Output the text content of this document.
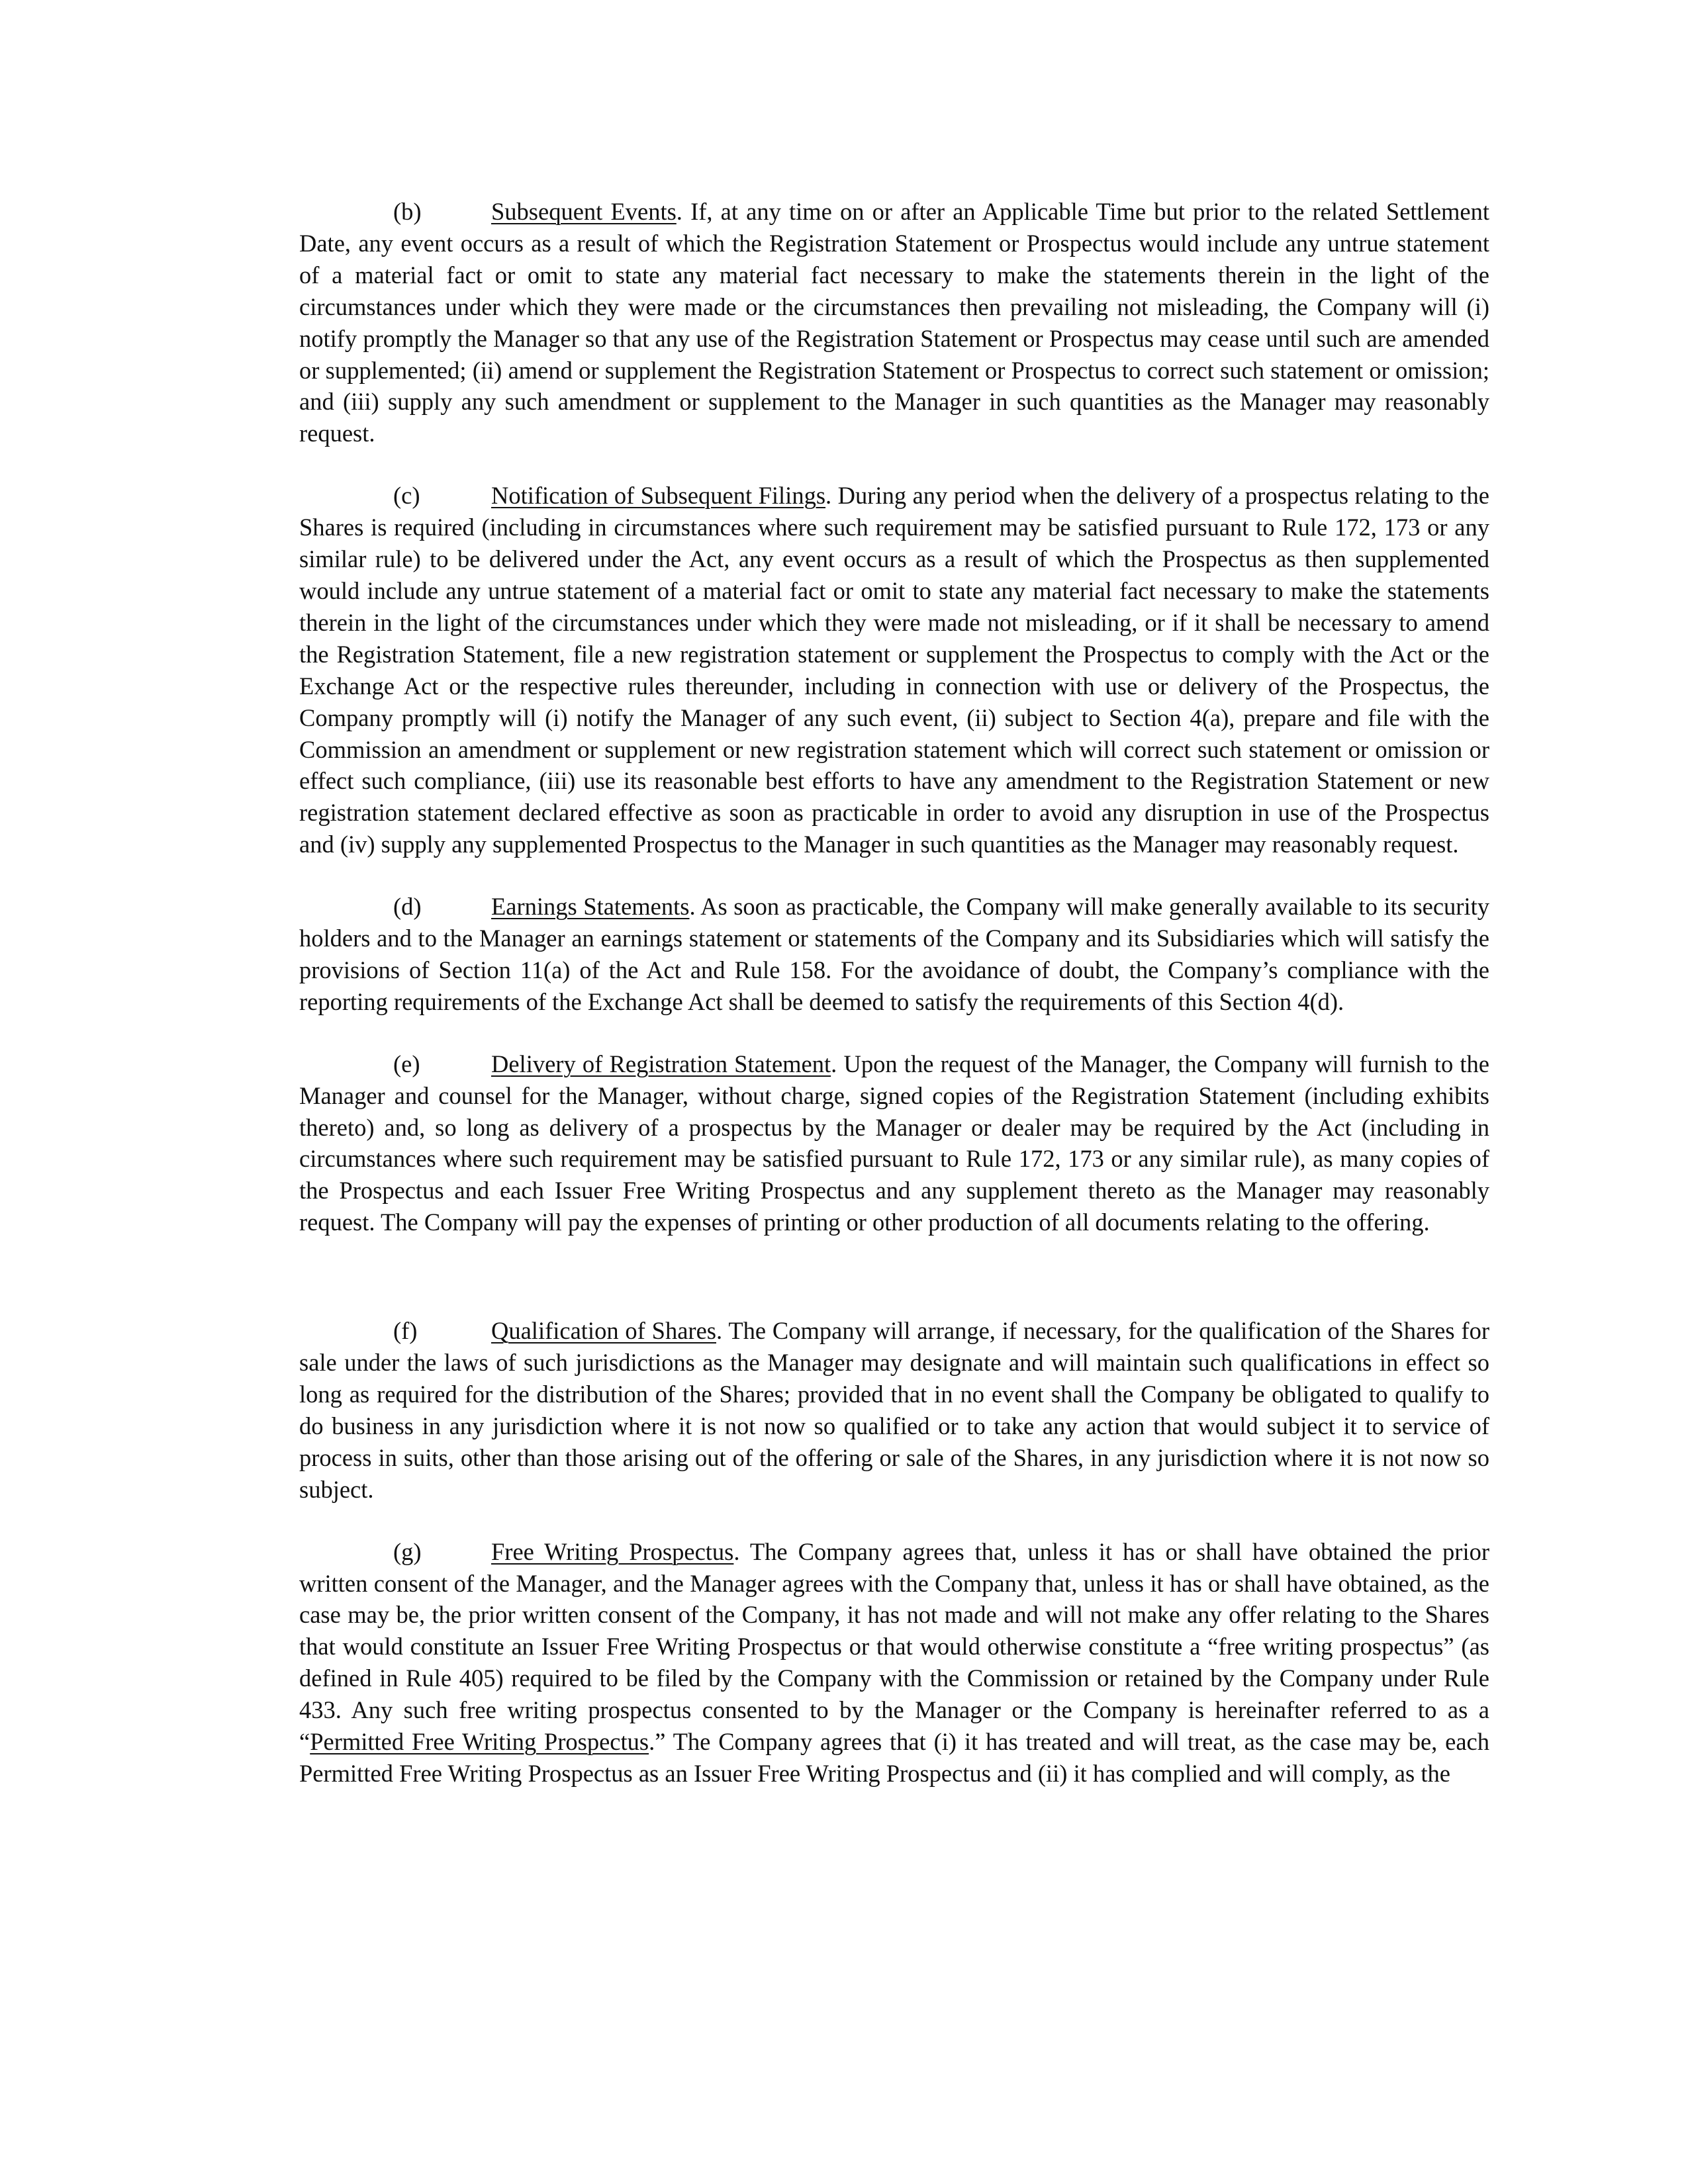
(b)	Subsequent Events. If, at any time on or after an Applicable Time but prior to the related Settlement Date, any event occurs as a result of which the Registration Statement or Prospectus would include any untrue statement of a material fact or omit to state any material fact necessary to make the statements therein in the light of the circumstances under which they were made or the circumstances then prevailing not misleading, the Company will (i) notify promptly the Manager so that any use of the Registration Statement or Prospectus may cease until such are amended or supplemented; (ii) amend or supplement the Registration Statement or Prospectus to correct such statement or omission; and (iii) supply any such amendment or supplement to the Manager in such quantities as the Manager may reasonably request.

(c)	Notification of Subsequent Filings. During any period when the delivery of a prospectus relating to the Shares is required (including in circumstances where such requirement may be satisfied pursuant to Rule 172, 173 or any similar rule) to be delivered under the Act, any event occurs as a result of which the Prospectus as then supplemented would include any untrue statement of a material fact or omit to state any material fact necessary to make the statements therein in the light of the circumstances under which they were made not misleading, or if it shall be necessary to amend the Registration Statement, file a new registration statement or supplement the Prospectus to comply with the Act or the Exchange Act or the respective rules thereunder, including in connection with use or delivery of the Prospectus, the Company promptly will (i) notify the Manager of any such event, (ii) subject to Section 4(a), prepare and file with the Commission an amendment or supplement or new registration statement which will correct such statement or omission or effect such compliance, (iii) use its reasonable best efforts to have any amendment to the Registration Statement or new registration statement declared effective as soon as practicable in order to avoid any disruption in use of the Prospectus and (iv) supply any supplemented Prospectus to the Manager in such quantities as the Manager may reasonably request.

(d)	Earnings Statements. As soon as practicable, the Company will make generally available to its security holders and to the Manager an earnings statement or statements of the Company and its Subsidiaries which will satisfy the provisions of Section 11(a) of the Act and Rule 158. For the avoidance of doubt, the Company’s compliance with the reporting requirements of the Exchange Act shall be deemed to satisfy the requirements of this Section 4(d).

(e)	Delivery of Registration Statement. Upon the request of the Manager, the Company will furnish to the Manager and counsel for the Manager, without charge, signed copies of the Registration Statement (including exhibits thereto) and, so long as delivery of a prospectus by the Manager or dealer may be required by the Act (including in circumstances where such requirement may be satisfied pursuant to Rule 172, 173 or any similar rule), as many copies of the Prospectus and each Issuer Free Writing Prospectus and any supplement thereto as the Manager may reasonably request. The Company will pay the expenses of printing or other production of all documents relating to the offering.

(f)	Qualification of Shares. The Company will arrange, if necessary, for the qualification of the Shares for sale under the laws of such jurisdictions as the Manager may designate and will maintain such qualifications in effect so long as required for the distribution of the Shares; provided that in no event shall the Company be obligated to qualify to do business in any jurisdiction where it is not now so qualified or to take any action that would subject it to service of process in suits, other than those arising out of the offering or sale of the Shares, in any jurisdiction where it is not now so subject.

(g)	Free Writing Prospectus. The Company agrees that, unless it has or shall have obtained the prior written consent of the Manager, and the Manager agrees with the Company that, unless it has or shall have obtained, as the case may be, the prior written consent of the Company, it has not made and will not make any offer relating to the Shares that would constitute an Issuer Free Writing Prospectus or that would otherwise constitute a “free writing prospectus” (as defined in Rule 405) required to be filed by the Company with the Commission or retained by the Company under Rule 433. Any such free writing prospectus consented to by the Manager or the Company is hereinafter referred to as a “Permitted Free Writing Prospectus.” The Company agrees that (i) it has treated and will treat, as the case may be, each Permitted Free Writing Prospectus as an Issuer Free Writing Prospectus and (ii) it has complied and will comply, as the
